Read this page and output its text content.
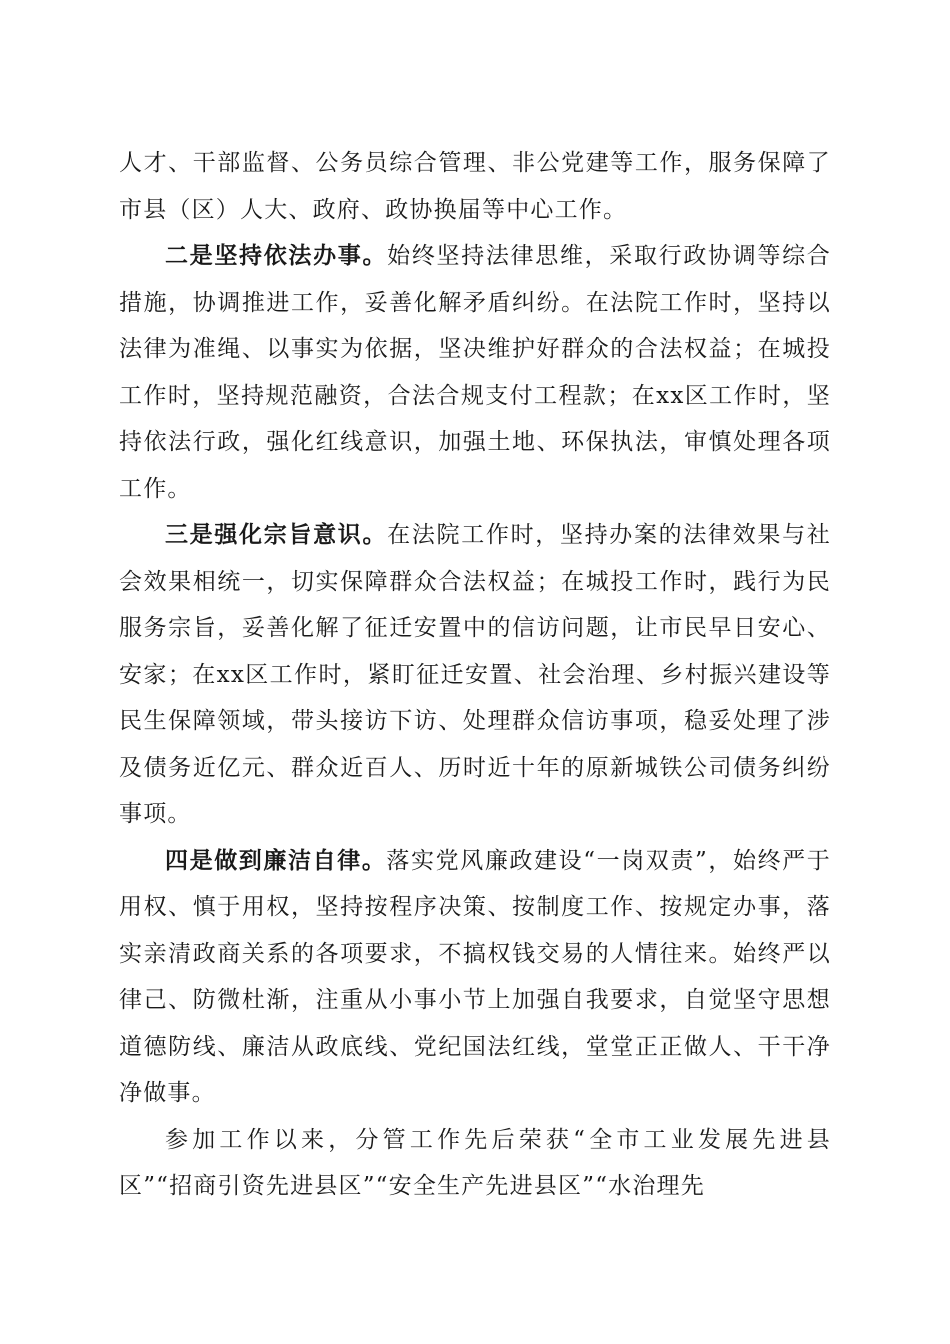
人才、干部监督、公务员综合管理、非公党建等工作，服务保障了市县（区）人大、政府、政协换届等中心工作。

二是坚持依法办事。始终坚持法律思维，采取行政协调等综合措施，协调推进工作，妥善化解矛盾纠纷。在法院工作时，坚持以法律为准绳、以事实为依据，坚决维护好群众的合法权益；在城投工作时，坚持规范融资，合法合规支付工程款；在xx区工作时，坚持依法行政，强化红线意识，加强土地、环保执法，审慎处理各项工作。

三是强化宗旨意识。在法院工作时，坚持办案的法律效果与社会效果相统一，切实保障群众合法权益；在城投工作时，践行为民服务宗旨，妥善化解了征迁安置中的信访问题，让市民早日安心、安家；在xx区工作时，紧盯征迁安置、社会治理、乡村振兴建设等民生保障领域，带头接访下访、处理群众信访事项，稳妥处理了涉及债务近亿元、群众近百人、历时近十年的原新城铁公司债务纠纷事项。

四是做到廉洁自律。落实党风廉政建设“一岗双责”，始终严于用权、慎于用权，坚持按程序决策、按制度工作、按规定办事，落实亲清政商关系的各项要求，不搞权钱交易的人情往来。始终严以律己、防微杜渐，注重从小事小节上加强自我要求，自觉坚守思想道德防线、廉洁从政底线、党纪国法红线，堂堂正正做人、干干净净做事。

参加工作以来，分管工作先后荣获“全市工业发展先进县区”“招商引资先进县区”“安全生产先进县区”“水治理先
